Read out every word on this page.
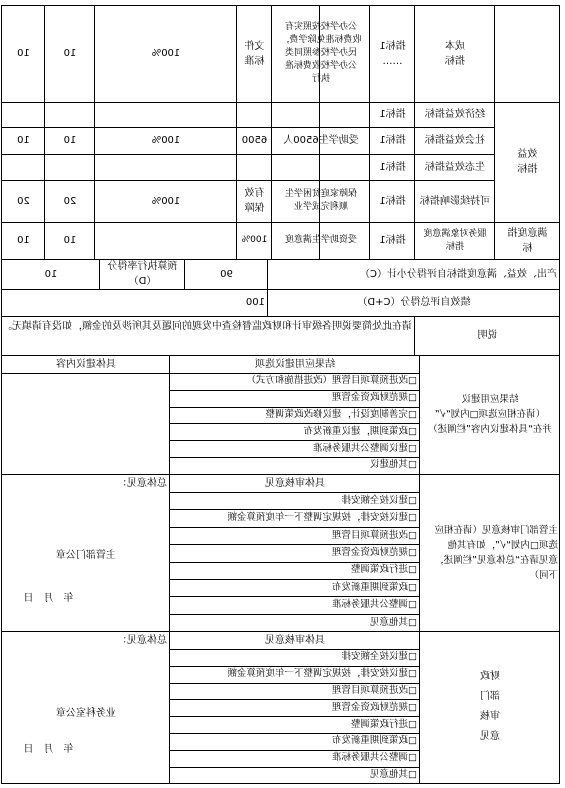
成本
指标
指标1
……
公办学校按照实有
收费标准免除学费，
民办学校参照同类
公办学校收费标准
执行
文件
标准
100%
10
10
效益
指标
经济效益指标
指标1
社会效益指标
指标1
受助学生6500人
6500
100%
10
10
生态效益指标
指标1
可持续影响指标
指标1
保障家庭贫困学生
顺利完成学业
有效
保障
100%
20
20
满意度指
标
服务对象满意度
指标
指标1
受资助学生满意度
100%
10
10
产出、效益、满意度指标自评得分小计（C）
90
预算执行率得分（D）
10
绩效自评总得分（C+D）
100
说明
请在此处简要说明各级审计和财政监督检查中发现的问题及其所涉及的金额，如没有请填无。
结果应用建议
（请在相应选项□内划“√”
并在“具体建议内容”栏阐述）
结果应用建议选项
具体建议内容
□改进预算项目管理（改进措施和方式）
□规范财政资金管理
□完善制度设计，建议修改政策调整
□政策到期，建议重新发布
□建议调整公共服务标准
□其他建议
主管部门审核意见（请在相应
选项□内划“√”，如有其他
意见请在“总体意见”栏阐述，
下同）
具体审核意见
总体意见：
主管部门公章
年　月　日
□建议按全额安排
□建议按安排，按规定调整下一年度预算金额
□改进预算项目管理
□规范财政资金管理
□进行政策调整
□政策到期重新发布
□调整公共服务标准
□其他意见
财政
部门
审核
意见
具体审核意见
总体意见：
业务科室公章
年　月　日
□建议按全额安排
□建议按安排，按规定调整下一年度预算金额
□改进预算项目管理
□规范财政资金管理
□进行政策调整
□政策到期重新发布
□调整公共服务标准
□其他意见
